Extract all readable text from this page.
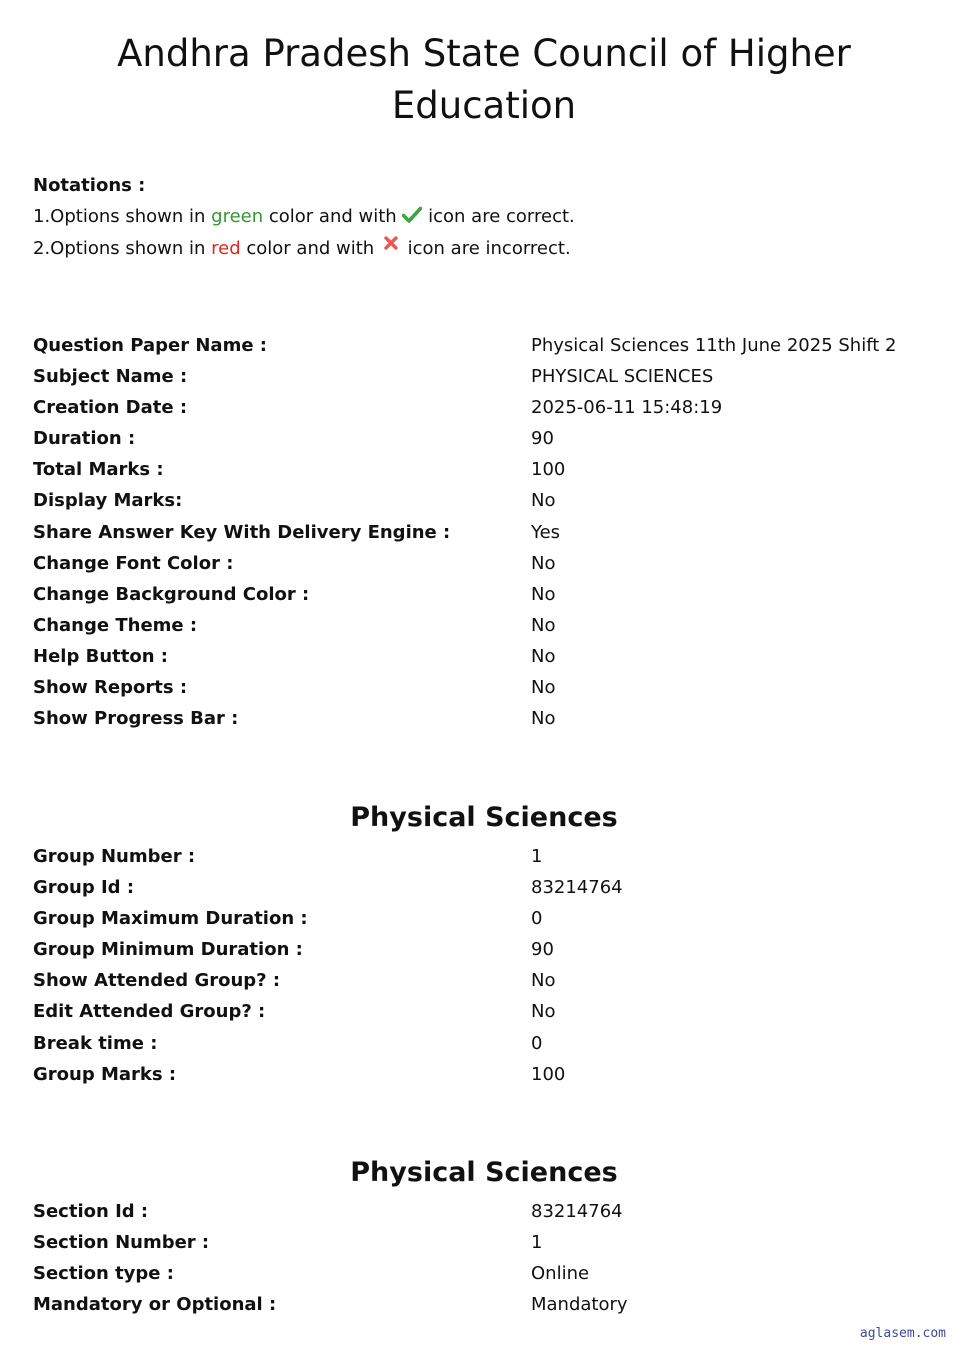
Andhra Pradesh State Council of Higher Education
Notations :
1.Options shown in green color and with  icon are correct.
2.Options shown in red color and with  icon are incorrect.
Question Paper Name :	Physical Sciences 11th June 2025 Shift 2
Subject Name :	PHYSICAL SCIENCES
Creation Date :	2025-06-11 15:48:19
Duration :	90
Total Marks :	100
Display Marks:	No
Share Answer Key With Delivery Engine :	Yes
Change Font Color :	No
Change Background Color :	No
Change Theme :	No
Help Button :	No
Show Reports :	No
Show Progress Bar :	No
Physical Sciences
Group Number :	1
Group Id :	83214764
Group Maximum Duration :	0
Group Minimum Duration :	90
Show Attended Group? :	No
Edit Attended Group? :	No
Break time :	0
Group Marks :	100
Physical Sciences
Section Id :	83214764
Section Number :	1
Section type :	Online
Mandatory or Optional :	Mandatory
aglasem.com
